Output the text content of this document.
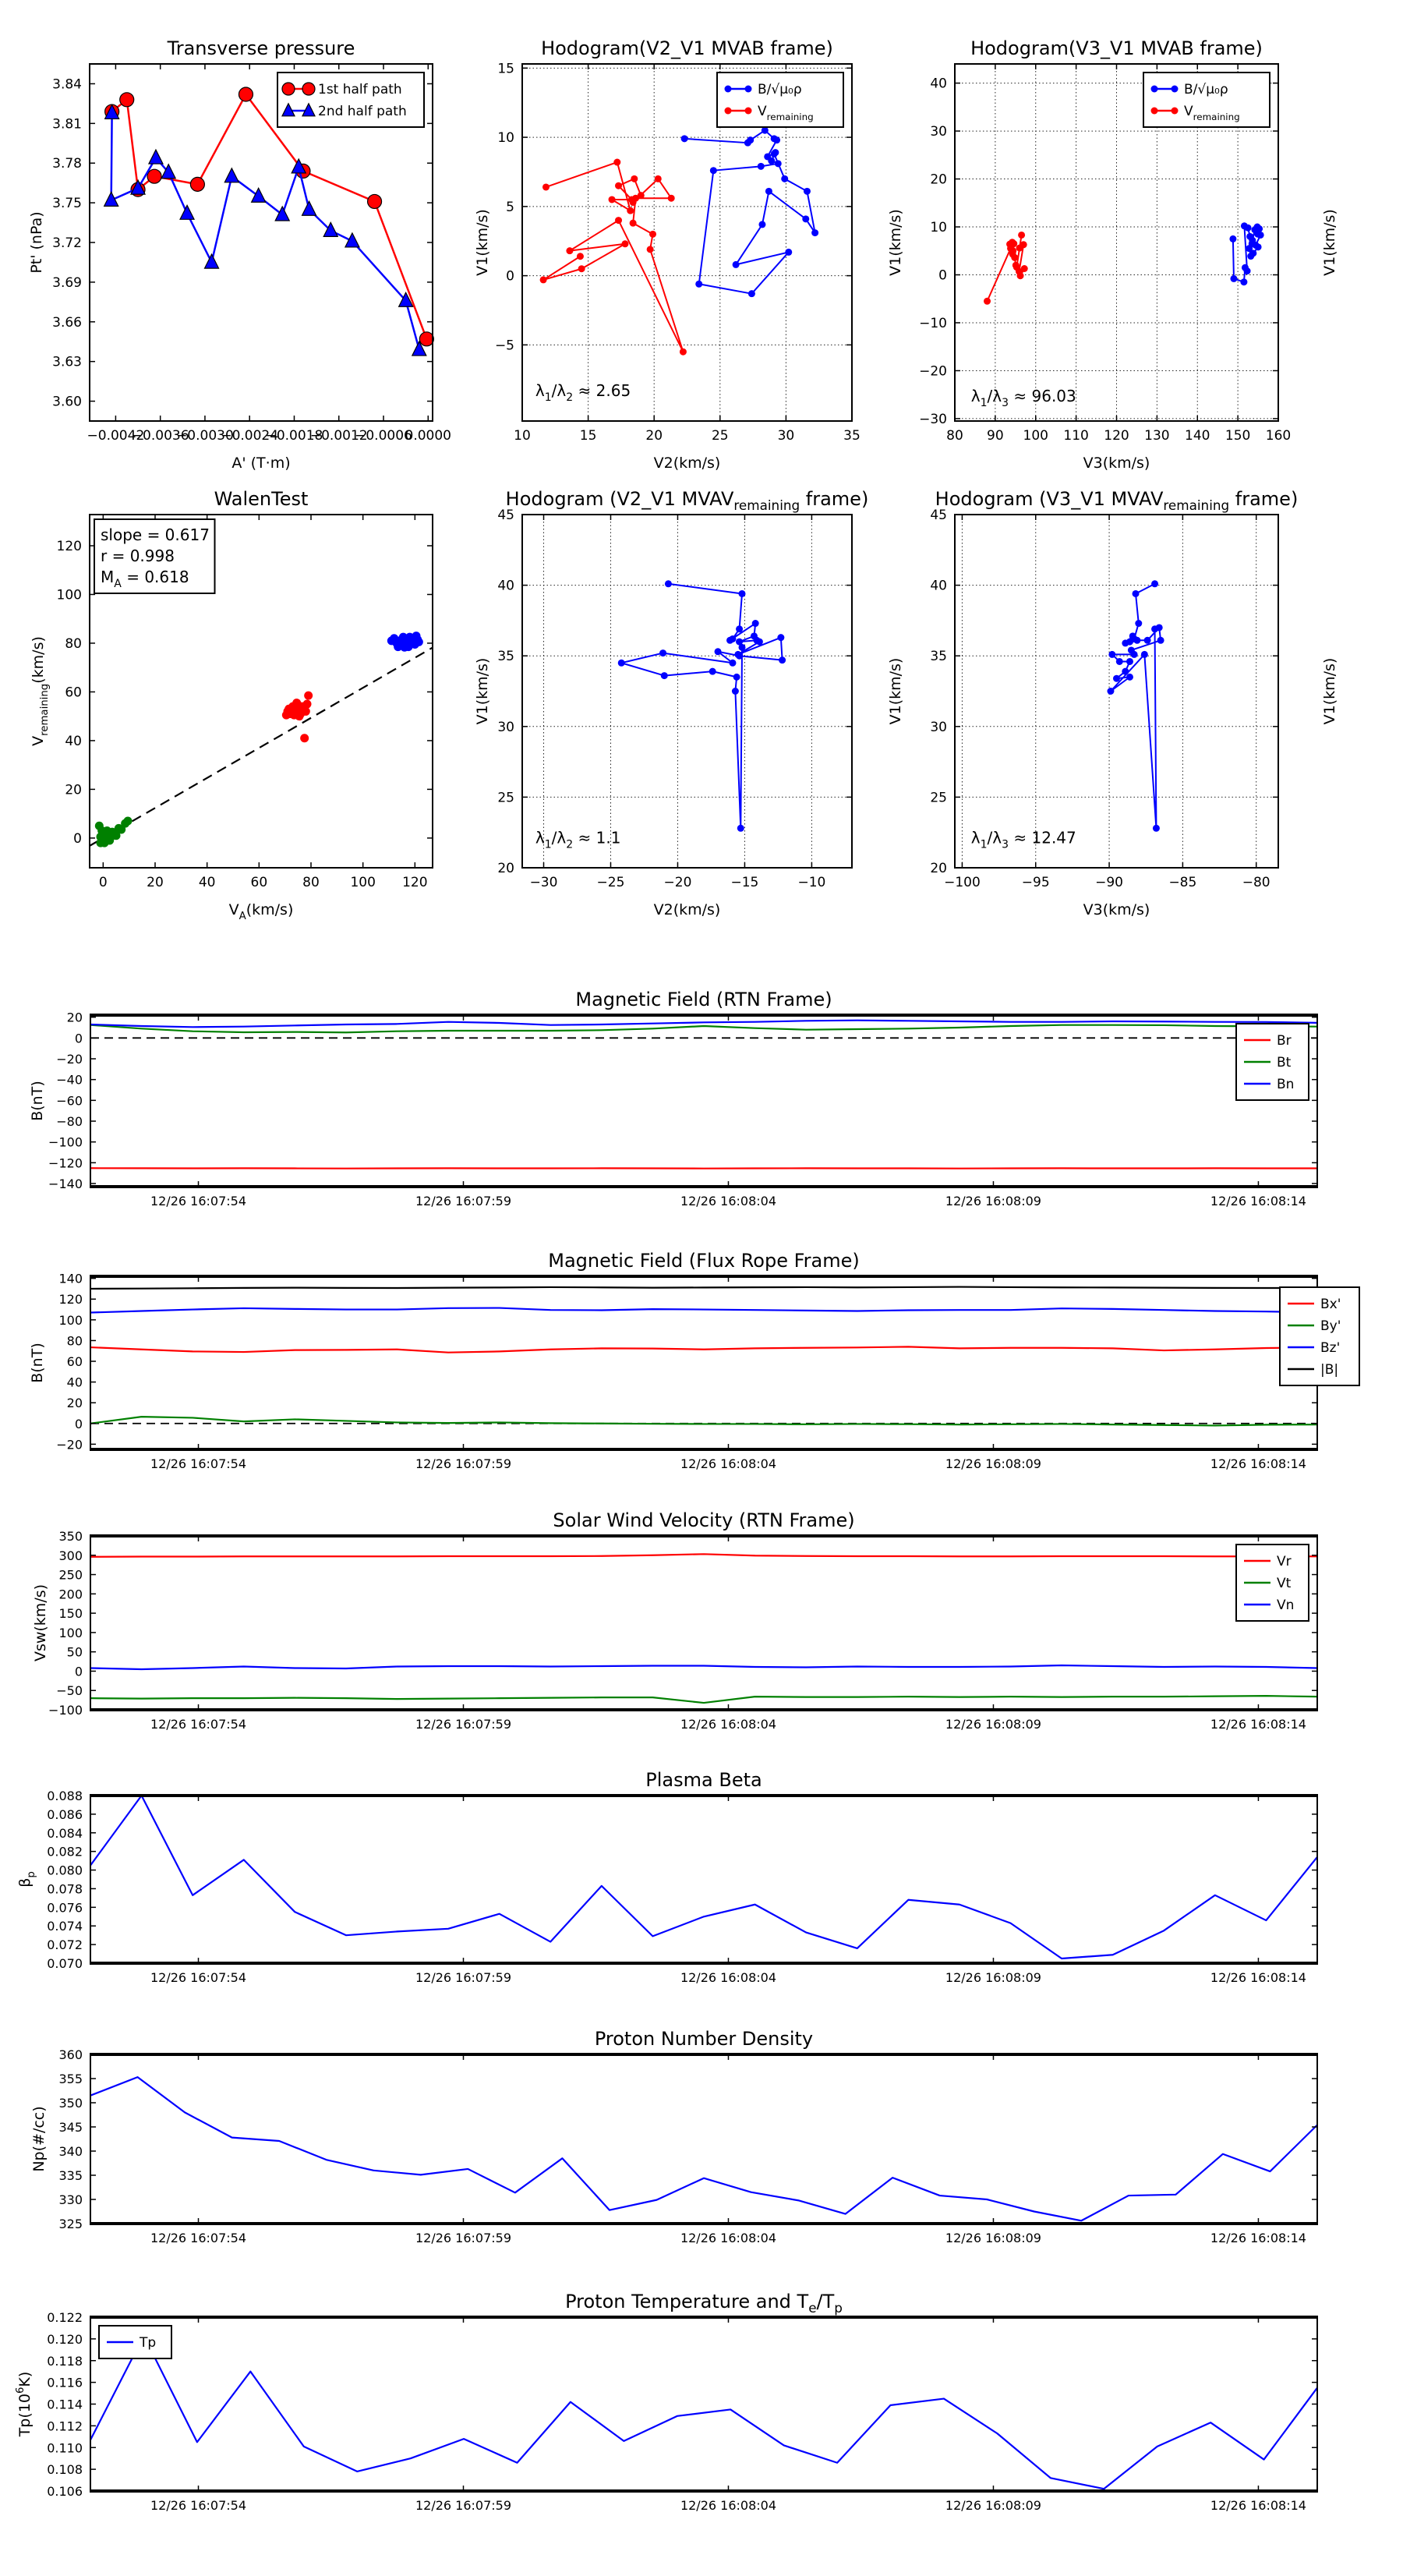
−0.0042
−0.0036
−0.0030
−0.0024
−0.0018
−0.0012
−0.0006
0.0000
3.60
3.63
3.66
3.69
3.72
3.75
3.78
3.81
3.84
Transverse pressure
A' (T·m)
Pt' (nPa)
1st half path
2nd half path
10	15	20	25	30	35
−5
0
5
10
15
Hodogram(V2_V1 MVAB frame)
V2(km/s)
V1(km/s)
B/√μ₀ρ
$V_{remaining}$
$\lambda_1/\lambda_2 \approx 2.65$
80 90 100 110 120 130 140 150 160
−30
−20
−10
0
10
20
30
40
Hodogram(V3_V1 MVAB frame)
V3(km/s)
V1(km/s)	V1(km/s)
B/√μ₀ρ
$V_{remaining}$
$\lambda_1/\lambda_3 \approx 96.03$
0	20	40	60	80 100 120
0
20
40
60
80
100
120
WalenTest
$V_A(km/s)$
$V_{remaining}(km/s)$
slope = 0.617
r = 0.998
$M_A = 0.618$
−30	−25	−20	−15	−10
20
25
30
35
40
45
Hodogram (V2_V1 $MVAV_{remaining}$ frame)
V2(km/s)
V1(km/s)
$\lambda_1/\lambda_2 \approx 1.1$
−100	−95	−90	−85	−80
20
25
30
35
40
45
Hodogram (V3_V1 $MVAV_{remaining}$ frame)
V3(km/s)
V1(km/s)	V1(km/s)
$\lambda_1/\lambda_3 \approx 12.47$
12/26 16:07:54	12/26 16:07:59	12/26 16:08:04	12/26 16:08:09	12/26 16:08:14
−140
−120
−100
−80
−60
−40
−20
0
20
Magnetic Field (RTN Frame)
B(nT)
Br
Bt
Bn
12/26 16:07:54	12/26 16:07:59	12/26 16:08:04	12/26 16:08:09	12/26 16:08:14
−20
0
20
40
60
80
100
120
140
Magnetic Field (Flux Rope Frame)
B(nT)
Bx'
By'
Bz'
|B|
12/26 16:07:54	12/26 16:07:59	12/26 16:08:04	12/26 16:08:09	12/26 16:08:14
−100
−50
0
50
100
150
200
250
300
350
Solar Wind Velocity (RTN Frame)
Vsw(km/s)
Vr
Vt
Vn
12/26 16:07:54	12/26 16:07:59	12/26 16:08:04	12/26 16:08:09	12/26 16:08:14
0.070
0.072
0.074
0.076
0.078
0.080
0.082
0.084
0.086
0.088
Plasma Beta
$\beta_p$
12/26 16:07:54	12/26 16:07:59	12/26 16:08:04	12/26 16:08:09	12/26 16:08:14
325
330
335
340
345
350
355
360
Proton Number Density
Np(#/cc)
12/26 16:07:54	12/26 16:07:59	12/26 16:08:04	12/26 16:08:09	12/26 16:08:14
0.106
0.108
0.110
0.112
0.114
0.116
0.118
0.120
0.122
Proton Temperature and $T_e/T_p$
$Tp(10^6K)$
Tp
